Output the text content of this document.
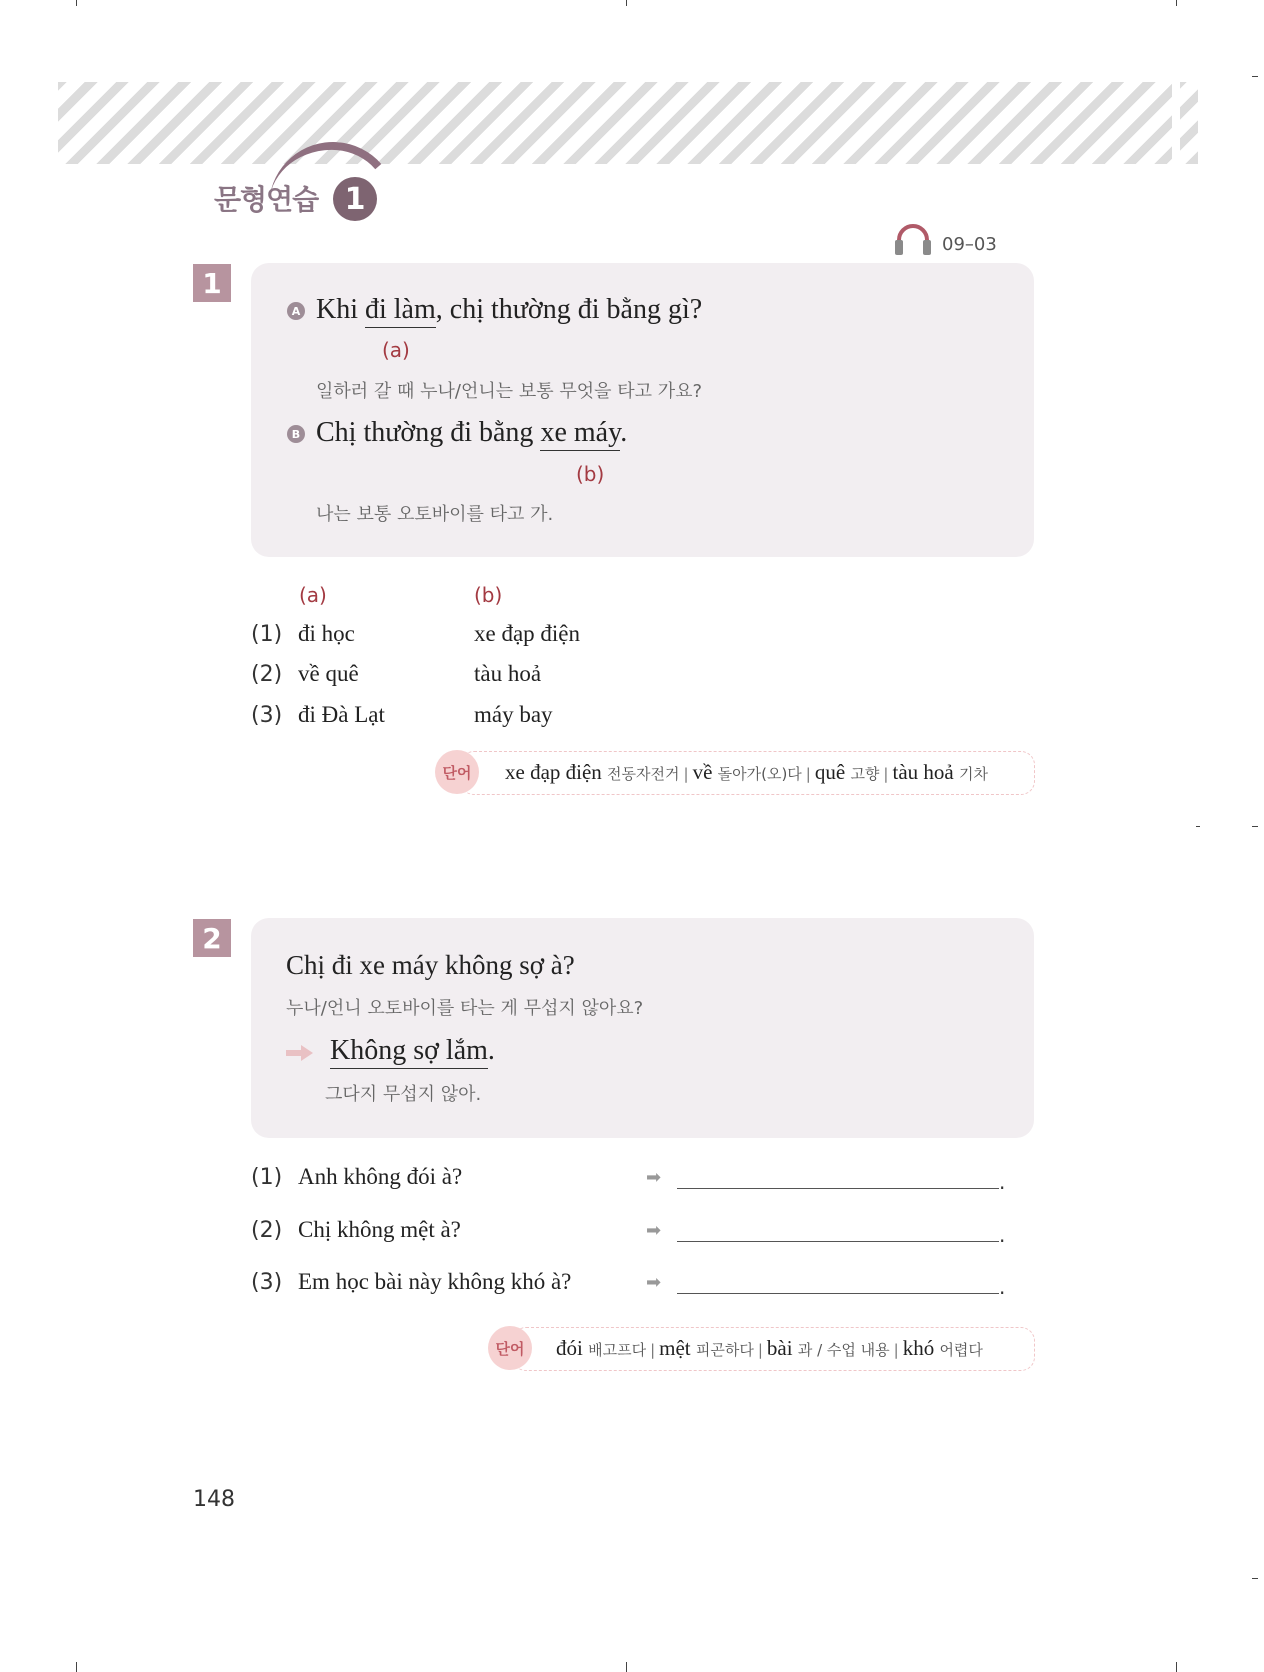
문형연습 1
09–03
1
A Khi đi làm, chị thường đi bằng gì?
(a)
일하러 갈 때 누나/언니는 보통 무엇을 타고 가요?
B Chị thường đi bằng xe máy.
(b)
나는 보통 오토바이를 타고 가.
(a)	(b)
(1) đi học	xe đạp điện
(2) về quê	tàu hoả
(3) đi Đà Lạt	máy bay
단어	xe đạp điện 전동자전거 | về 돌아가(오)다 | quê 고향 | tàu hoả 기차
2
Chị đi xe máy không sợ à?
누나/언니 오토바이를 타는 게 무섭지 않아요?
Không sợ lắm.
그다지 무섭지 않아.
(1) Anh không đói à?	➡	.
(2) Chị không mệt à?	➡	.
(3) Em học bài này không khó à?	➡	.
단어	đói 배고프다 | mệt 피곤하다 | bài 과 / 수업 내용 | khó 어렵다
148
